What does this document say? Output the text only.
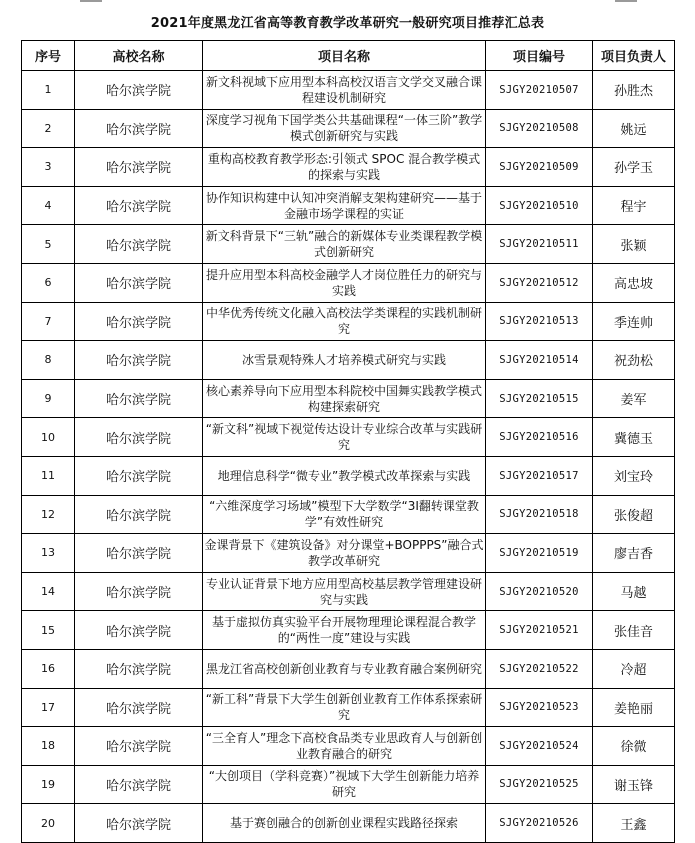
2021年度黑龙江省高等教育教学改革研究一般研究项目推荐汇总表
序号	高校名称	项目名称	项目编号	项目负责人
1	哈尔滨学院	新文科视域下应用型本科高校汉语言文学交叉融合课程建设机制研究	SJGY20210507	孙胜杰
2	哈尔滨学院	深度学习视角下国学类公共基础课程“一体三阶”教学模式创新研究与实践	SJGY20210508	姚远
3	哈尔滨学院	重构高校教育教学形态:引领式 SPOC 混合教学模式的探索与实践	SJGY20210509	孙学玉
4	哈尔滨学院	协作知识构建中认知冲突消解支架构建研究——基于金融市场学课程的实证	SJGY20210510	程宇
5	哈尔滨学院	新文科背景下“三轨”融合的新媒体专业类课程教学模式创新研究	SJGY20210511	张颖
6	哈尔滨学院	提升应用型本科高校金融学人才岗位胜任力的研究与实践	SJGY20210512	高忠坡
7	哈尔滨学院	中华优秀传统文化融入高校法学类课程的实践机制研究	SJGY20210513	季连帅
8	哈尔滨学院	冰雪景观特殊人才培养模式研究与实践	SJGY20210514	祝劲松
9	哈尔滨学院	核心素养导向下应用型本科院校中国舞实践教学模式构建探索研究	SJGY20210515	姜军
10	哈尔滨学院	“新文科”视域下视觉传达设计专业综合改革与实践研究	SJGY20210516	冀德玉
11	哈尔滨学院	地理信息科学“微专业”教学模式改革探索与实践	SJGY20210517	刘宝玲
12	哈尔滨学院	“六维深度学习场域”模型下大学数学“3I翻转课堂教学”有效性研究	SJGY20210518	张俊超
13	哈尔滨学院	金课背景下《建筑设备》对分课堂+BOPPPS”融合式教学改革研究	SJGY20210519	廖吉香
14	哈尔滨学院	专业认证背景下地方应用型高校基层教学管理建设研究与实践	SJGY20210520	马越
15	哈尔滨学院	基于虚拟仿真实验平台开展物理理论课程混合教学的“两性一度”建设与实践	SJGY20210521	张佳音
16	哈尔滨学院	黑龙江省高校创新创业教育与专业教育融合案例研究	SJGY20210522	冷超
17	哈尔滨学院	“新工科”背景下大学生创新创业教育工作体系探索研究	SJGY20210523	姜艳丽
18	哈尔滨学院	“三全育人”理念下高校食品类专业思政育人与创新创业教育融合的研究	SJGY20210524	徐微
19	哈尔滨学院	“大创项目（学科竞赛）”视域下大学生创新能力培养研究	SJGY20210525	谢玉锋
20	哈尔滨学院	基于赛创融合的创新创业课程实践路径探索	SJGY20210526	王鑫
